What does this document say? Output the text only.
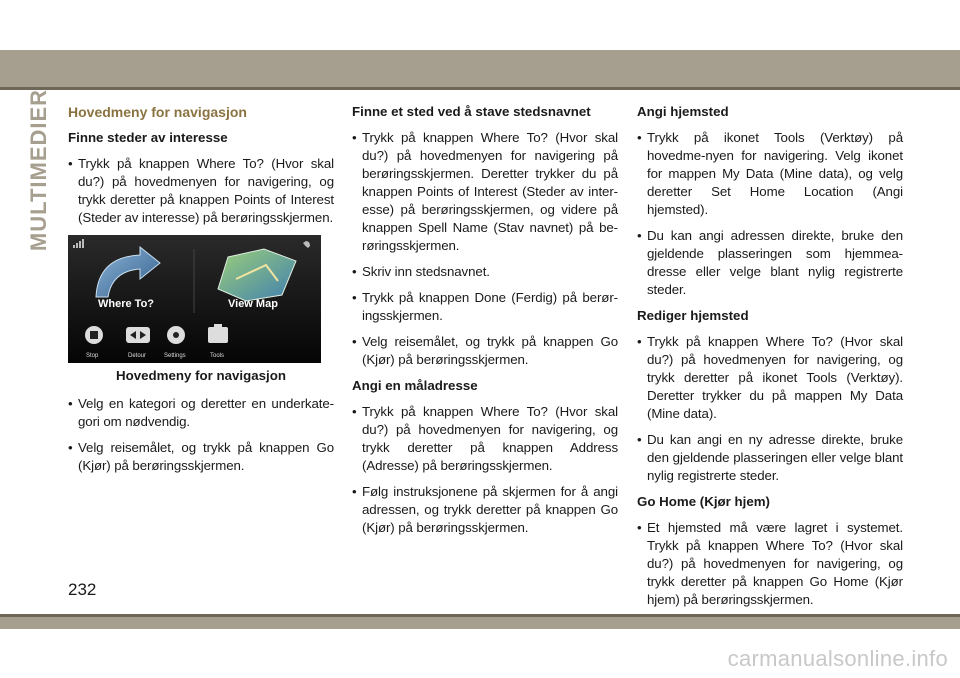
MULTIMEDIER Hovedmeny for navigasjon
Finne steder av interesse
• Trykk på knappen Where To? (Hvor skal du?) på hovedmenyen for navigering, og trykk deretter på knappen Points of Interest (Steder av interesse) på berøringsskjermen.
Where To?	View Map
Stop	Detour	Settings	Tools
Hovedmeny for navigasjon
• Velg en kategori og deretter en underkate-gori om nødvendig.
• Velg reisemålet, og trykk på knappen Go (Kjør) på berøringsskjermen.
Finne et sted ved å stave stedsnavnet
• Trykk på knappen Where To? (Hvor skal du?) på hovedmenyen for navigering på berøringsskjermen. Deretter trykker du på knappen Points of Interest (Steder av inter-esse) på berøringsskjermen, og videre på knappen Spell Name (Stav navnet) på be-røringsskjermen.
• Skriv inn stedsnavnet.
• Trykk på knappen Done (Ferdig) på berør-ingsskjermen.
• Velg reisemålet, og trykk på knappen Go (Kjør) på berøringsskjermen.
Angi en måladresse
• Trykk på knappen Where To? (Hvor skal du?) på hovedmenyen for navigering, og trykk deretter på knappen Address (Adresse) på berøringsskjermen.
• Følg instruksjonene på skjermen for å angi adressen, og trykk deretter på knappen Go (Kjør) på berøringsskjermen.
Angi hjemsted
• Trykk på ikonet Tools (Verktøy) på hovedme-nyen for navigering. Velg ikonet for mappen My Data (Mine data), og velg deretter Set Home Location (Angi hjemsted).
• Du kan angi adressen direkte, bruke den gjeldende plasseringen som hjemmea-dresse eller velge blant nylig registrerte steder.
Rediger hjemsted
• Trykk på knappen Where To? (Hvor skal du?) på hovedmenyen for navigering, og trykk deretter på ikonet Tools (Verktøy). Deretter trykker du på mappen My Data (Mine data).
• Du kan angi en ny adresse direkte, bruke den gjeldende plasseringen eller velge blant nylig registrerte steder.
Go Home (Kjør hjem)
• Et hjemsted må være lagret i systemet. Trykk på knappen Where To? (Hvor skal du?) på hovedmenyen for navigering, og trykk deretter på knappen Go Home (Kjør hjem) på berøringsskjermen.
232
carmanualsonline.info
